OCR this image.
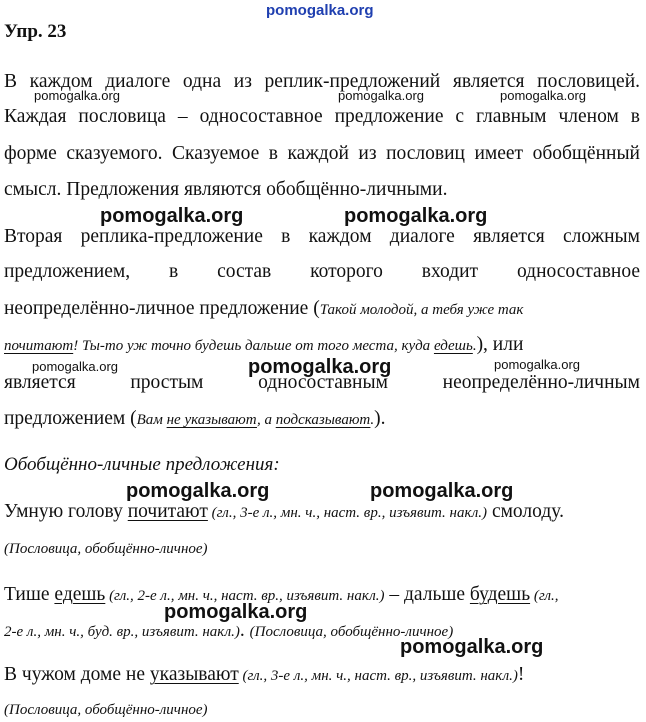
pomogalka.org
pomogalka.org	pomogalka.org	pomogalka.org
pomogalka.org	pomogalka.org
pomogalka.org	pomogalka.org	pomogalka.org
pomogalka.org	pomogalka.org
pomogalka.org
pomogalka.org
Упр. 23
В каждом диалоге одна из реплик-предложений является пословицей.
Каждая пословица – односоставное предложение с главным членом в
форме сказуемого. Сказуемое в каждой из пословиц имеет обобщённый
смысл. Предложения являются обобщённо-личными.
Вторая реплика-предложение в каждом диалоге является сложным
предложением, в состав которого входит односоставное
неопределённо-личное предложение (Такой молодой, а тебя уже так
почитают! Ты-то уж точно будешь дальше от того места, куда едешь.), или
является простым односоставным неопределённо-личным
предложением (Вам не указывают, а подсказывают.).
Обобщённо-личные предложения:
Умную голову почитают (гл., 3-е л., мн. ч., наст. вр., изъявит. накл.) смолоду.
(Пословица, обобщённо-личное)
Тише едешь (гл., 2-е л., мн. ч., наст. вр., изъявит. накл.) – дальше будешь (гл.,
2-е л., мн. ч., буд. вр., изъявит. накл.). (Пословица, обобщённо-личное)
В чужом доме не указывают (гл., 3-е л., мн. ч., наст. вр., изъявит. накл.)!
(Пословица, обобщённо-личное)
